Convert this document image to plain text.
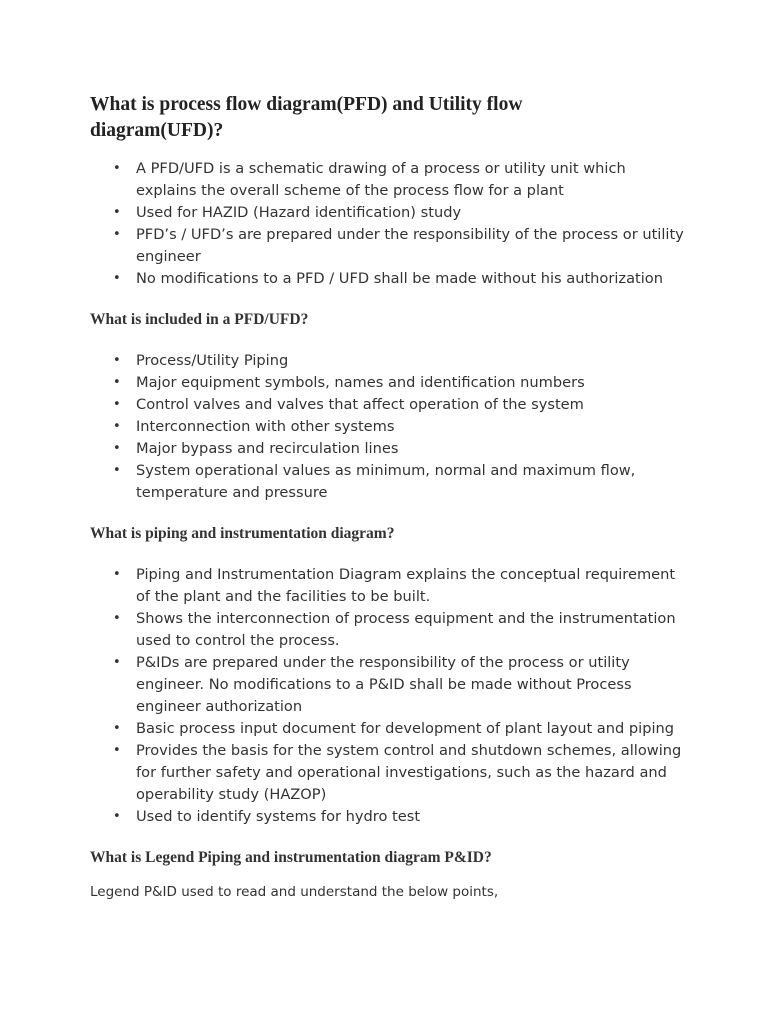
What is process flow diagram(PFD) and Utility flow diagram(UFD)?
• A PFD/UFD is a schematic drawing of a process or utility unit which explains the overall scheme of the process flow for a plant
• Used for HAZID (Hazard identification) study
• PFD’s / UFD’s are prepared under the responsibility of the process or utility engineer
• No modifications to a PFD / UFD shall be made without his authorization
What is included in a PFD/UFD?
• Process/Utility Piping
• Major equipment symbols, names and identification numbers
• Control valves and valves that affect operation of the system
• Interconnection with other systems
• Major bypass and recirculation lines
• System operational values as minimum, normal and maximum flow, temperature and pressure
What is piping and instrumentation diagram?
• Piping and Instrumentation Diagram explains the conceptual requirement of the plant and the facilities to be built.
• Shows the interconnection of process equipment and the instrumentation used to control the process.
• P&IDs are prepared under the responsibility of the process or utility engineer. No modifications to a P&ID shall be made without Process engineer authorization
• Basic process input document for development of plant layout and piping
• Provides the basis for the system control and shutdown schemes, allowing for further safety and operational investigations, such as the hazard and operability study (HAZOP)
• Used to identify systems for hydro test
What is Legend Piping and instrumentation diagram P&ID?

Legend P&ID used to read and understand the below points,
